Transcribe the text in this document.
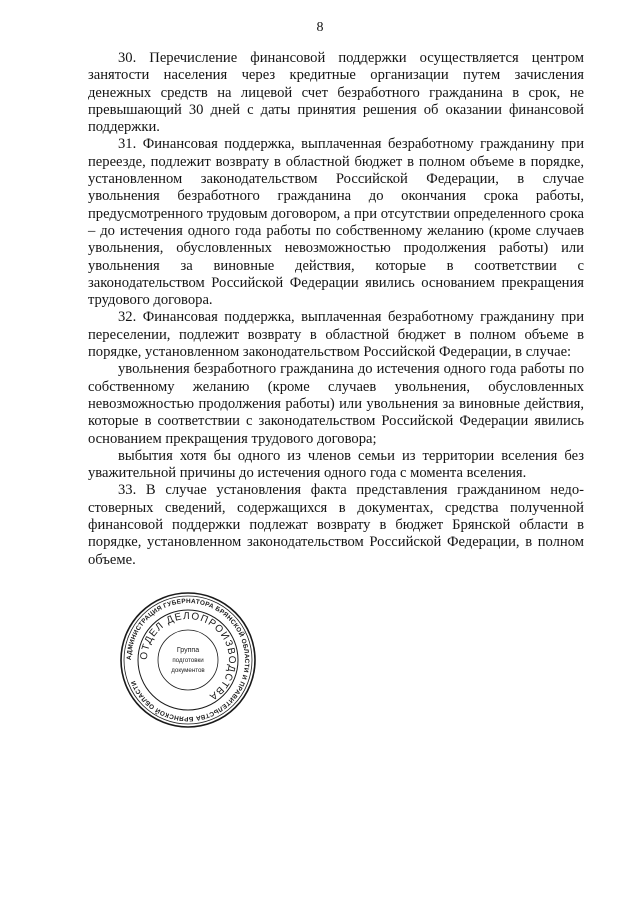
8

30. Перечисление финансовой поддержки осуществляется центром занятости населения через кредитные организации путем зачисления денежных средств на лицевой счет безработного гражданина в срок, не превышающий 30 дней с даты принятия решения об оказании финансовой поддержки.

31. Финансовая поддержка, выплаченная безработному гражданину при переезде, подлежит возврату в областной бюджет в полном объеме в порядке, установленном законодательством Российской Федерации, в случае увольнения безработного гражданина до окончания срока работы, предусмотренного трудовым договором, а при отсутствии определенного срока – до истечения одного года работы по собственному желанию (кроме случаев увольнения, обусловленных невозможностью продолжения работы) или увольнения за виновные действия, которые в соответствии с законодательством Российской Федерации явились основанием прекращения трудового договора.

32. Финансовая поддержка, выплаченная безработному гражданину при переселении, подлежит возврату в областной бюджет в полном объеме в порядке, установленном законодательством Российской Федерации, в случае:

увольнения безработного гражданина до истечения одного года работы по собственному желанию (кроме случаев увольнения, обусловленных невозможностью продолжения работы) или увольнения за виновные действия, которые в соответствии с законодательством Российской Федерации явились основанием прекращения трудового договора;

выбытия хотя бы одного из членов семьи из территории вселения без уважительной причины до истечения одного года с момента вселения.

33. В случае установления факта представления гражданином недостоверных сведений, содержащихся в документах, средства полученной финансовой поддержки подлежат возврату в бюджет Брянской области в порядке, установленном законодательством Российской Федерации, в полном объеме.

АДМИНИСТРАЦИЯ ГУБЕРНАТОРА БРЯНСКОЙ ОБЛАСТИ И ПРАВИТЕЛЬСТВА БРЯНСКОЙ ОБЛАСТИ
ОТДЕЛ ДЕЛОПРОИЗВОДСТВА
Группа
подготовки
документов
